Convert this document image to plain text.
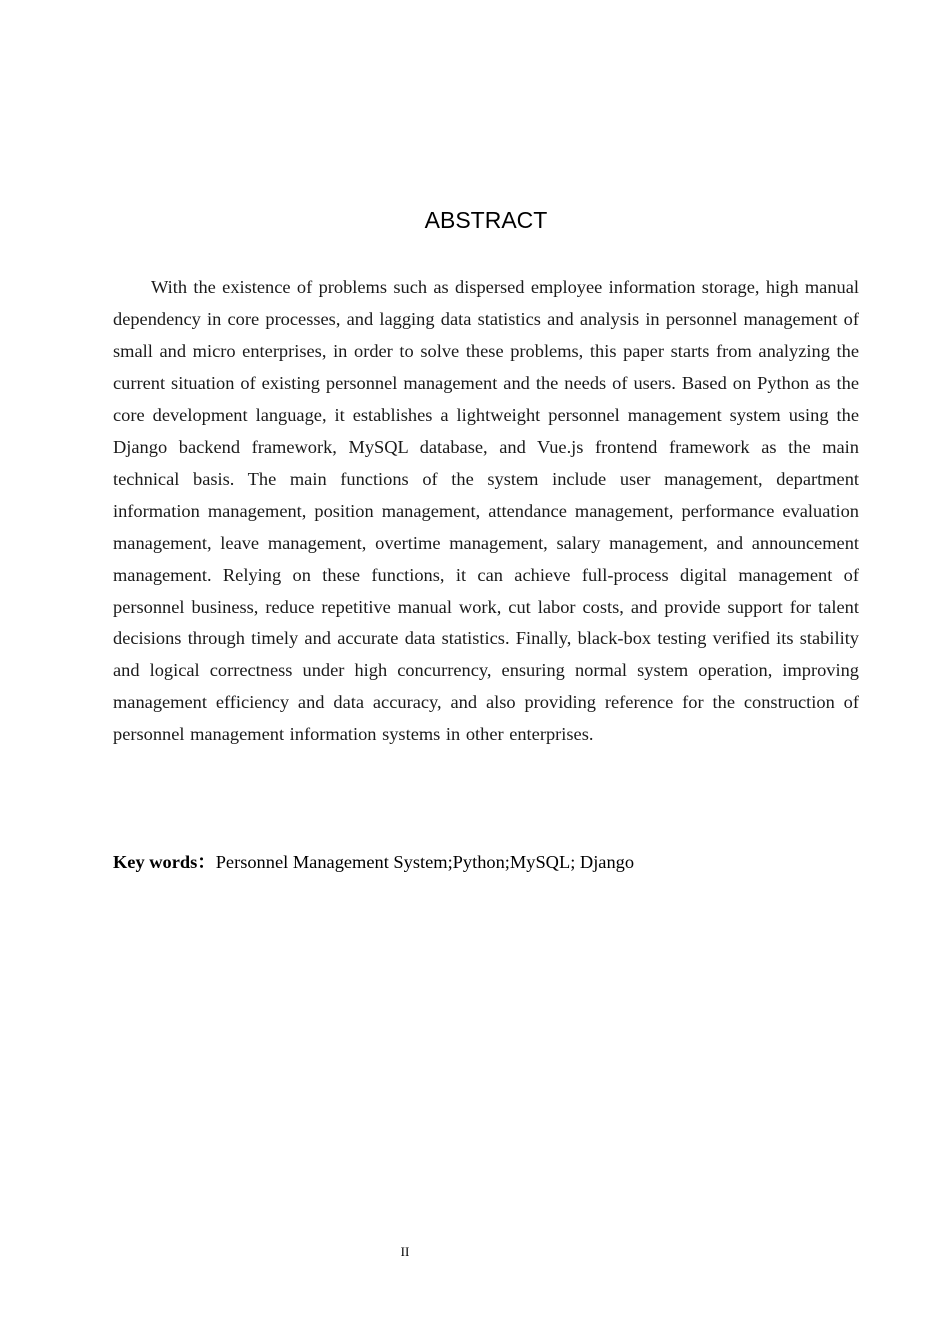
ABSTRACT

With the existence of problems such as dispersed employee information storage, high manual dependency in core processes, and lagging data statistics and analysis in personnel management of small and micro enterprises, in order to solve these problems, this paper starts from analyzing the current situation of existing personnel management and the needs of users. Based on Python as the core development language, it establishes a lightweight personnel management system using the Django backend framework, MySQL database, and Vue.js frontend framework as the main technical basis. The main functions of the system include user management, department information management, position management, attendance management, performance evaluation management, leave management, overtime management, salary management, and announcement management. Relying on these functions, it can achieve full-process digital management of personnel business, reduce repetitive manual work, cut labor costs, and provide support for talent decisions through timely and accurate data statistics. Finally, black-box testing verified its stability and logical correctness under high concurrency, ensuring normal system operation, improving management efficiency and data accuracy, and also providing reference for the construction of personnel management information systems in other enterprises.

Key words：Personnel Management System;Python;MySQL; Django

II
